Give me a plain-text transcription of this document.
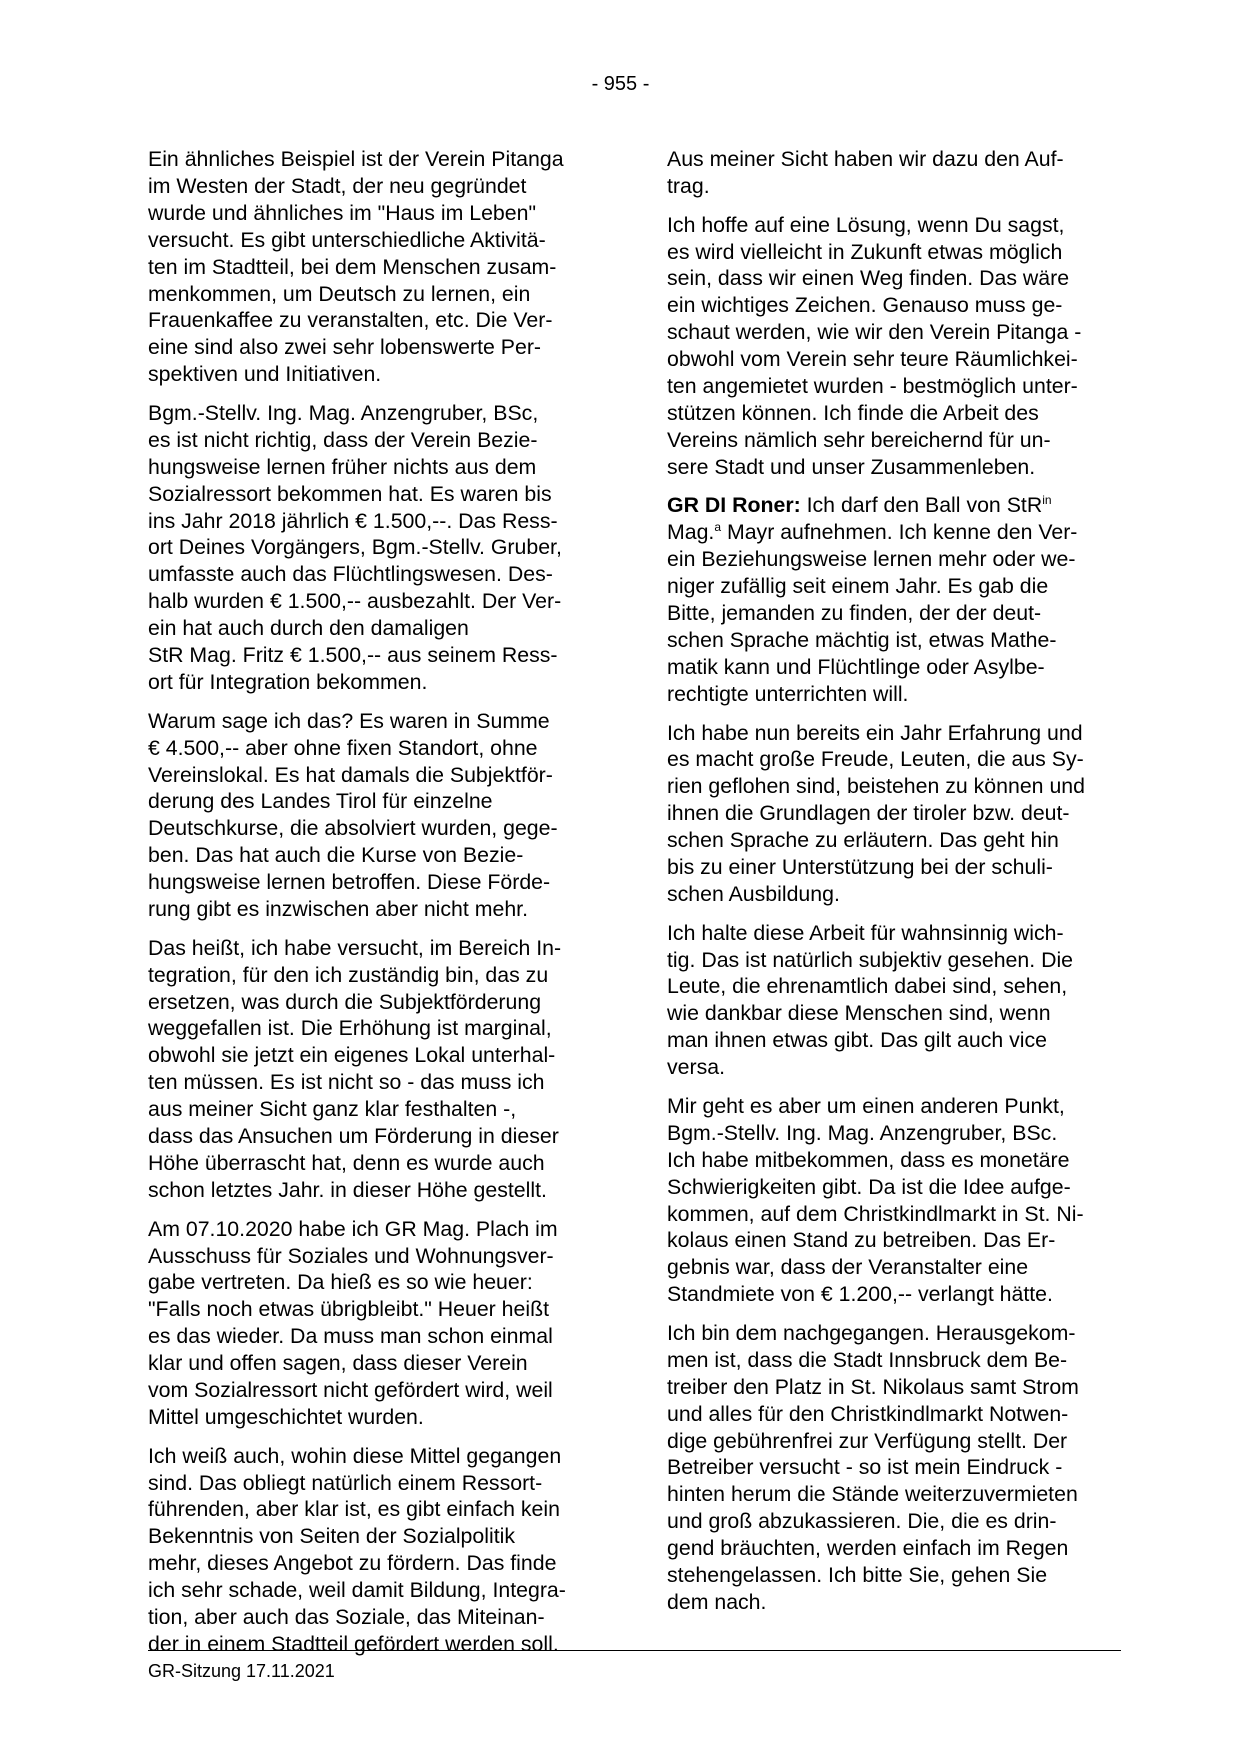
- 955 -

Ein ähnliches Beispiel ist der Verein Pitanga
im Westen der Stadt, der neu gegründet
wurde und ähnliches im "Haus im Leben"
versucht. Es gibt unterschiedliche Aktivitä-
ten im Stadtteil, bei dem Menschen zusam-
menkommen, um Deutsch zu lernen, ein
Frauenkaffee zu veranstalten, etc. Die Ver-
eine sind also zwei sehr lobenswerte Per-
spektiven und Initiativen.

Bgm.-Stellv. Ing. Mag. Anzengruber, BSc,
es ist nicht richtig, dass der Verein Bezie-
hungsweise lernen früher nichts aus dem
Sozialressort bekommen hat. Es waren bis
ins Jahr 2018 jährlich € 1.500,--. Das Ress-
ort Deines Vorgängers, Bgm.-Stellv. Gruber,
umfasste auch das Flüchtlingswesen. Des-
halb wurden € 1.500,-- ausbezahlt. Der Ver-
ein hat auch durch den damaligen
StR Mag. Fritz € 1.500,-- aus seinem Ress-
ort für Integration bekommen.

Warum sage ich das? Es waren in Summe
€ 4.500,-- aber ohne fixen Standort, ohne
Vereinslokal. Es hat damals die Subjektför-
derung des Landes Tirol für einzelne
Deutschkurse, die absolviert wurden, gege-
ben. Das hat auch die Kurse von Bezie-
hungsweise lernen betroffen. Diese Förde-
rung gibt es inzwischen aber nicht mehr.

Das heißt, ich habe versucht, im Bereich In-
tegration, für den ich zuständig bin, das zu
ersetzen, was durch die Subjektförderung
weggefallen ist. Die Erhöhung ist marginal,
obwohl sie jetzt ein eigenes Lokal unterhal-
ten müssen. Es ist nicht so - das muss ich
aus meiner Sicht ganz klar festhalten -,
dass das Ansuchen um Förderung in dieser
Höhe überrascht hat, denn es wurde auch
schon letztes Jahr. in dieser Höhe gestellt.

Am 07.10.2020 habe ich GR Mag. Plach im
Ausschuss für Soziales und Wohnungsver-
gabe vertreten. Da hieß es so wie heuer:
"Falls noch etwas übrigbleibt." Heuer heißt
es das wieder. Da muss man schon einmal
klar und offen sagen, dass dieser Verein
vom Sozialressort nicht gefördert wird, weil
Mittel umgeschichtet wurden.

Ich weiß auch, wohin diese Mittel gegangen
sind. Das obliegt natürlich einem Ressort-
führenden, aber klar ist, es gibt einfach kein
Bekenntnis von Seiten der Sozialpolitik
mehr, dieses Angebot zu fördern. Das finde
ich sehr schade, weil damit Bildung, Integra-
tion, aber auch das Soziale, das Miteinan-
der in einem Stadtteil gefördert werden soll.

Aus meiner Sicht haben wir dazu den Auf-
trag.

Ich hoffe auf eine Lösung, wenn Du sagst,
es wird vielleicht in Zukunft etwas möglich
sein, dass wir einen Weg finden. Das wäre
ein wichtiges Zeichen. Genauso muss ge-
schaut werden, wie wir den Verein Pitanga -
obwohl vom Verein sehr teure Räumlichkei-
ten angemietet wurden - bestmöglich unter-
stützen können. Ich finde die Arbeit des
Vereins nämlich sehr bereichernd für un-
sere Stadt und unser Zusammenleben.

GR DI Roner: Ich darf den Ball von StR$^{in}$
Mag.$^a$ Mayr aufnehmen. Ich kenne den Ver-
ein Beziehungsweise lernen mehr oder we-
niger zufällig seit einem Jahr. Es gab die
Bitte, jemanden zu finden, der der deut-
schen Sprache mächtig ist, etwas Mathe-
matik kann und Flüchtlinge oder Asylbe-
rechtigte unterrichten will.

Ich habe nun bereits ein Jahr Erfahrung und
es macht große Freude, Leuten, die aus Sy-
rien geflohen sind, beistehen zu können und
ihnen die Grundlagen der tiroler bzw. deut-
schen Sprache zu erläutern. Das geht hin
bis zu einer Unterstützung bei der schuli-
schen Ausbildung.

Ich halte diese Arbeit für wahnsinnig wich-
tig. Das ist natürlich subjektiv gesehen. Die
Leute, die ehrenamtlich dabei sind, sehen,
wie dankbar diese Menschen sind, wenn
man ihnen etwas gibt. Das gilt auch vice
versa.

Mir geht es aber um einen anderen Punkt,
Bgm.-Stellv. Ing. Mag. Anzengruber, BSc.
Ich habe mitbekommen, dass es monetäre
Schwierigkeiten gibt. Da ist die Idee aufge-
kommen, auf dem Christkindlmarkt in St. Ni-
kolaus einen Stand zu betreiben. Das Er-
gebnis war, dass der Veranstalter eine
Standmiete von € 1.200,-- verlangt hätte.

Ich bin dem nachgegangen. Herausgekom-
men ist, dass die Stadt Innsbruck dem Be-
treiber den Platz in St. Nikolaus samt Strom
und alles für den Christkindlmarkt Notwen-
dige gebührenfrei zur Verfügung stellt. Der
Betreiber versucht - so ist mein Eindruck -
hinten herum die Stände weiterzuvermieten
und groß abzukassieren. Die, die es drin-
gend bräuchten, werden einfach im Regen
stehengelassen. Ich bitte Sie, gehen Sie
dem nach.

GR-Sitzung 17.11.2021
